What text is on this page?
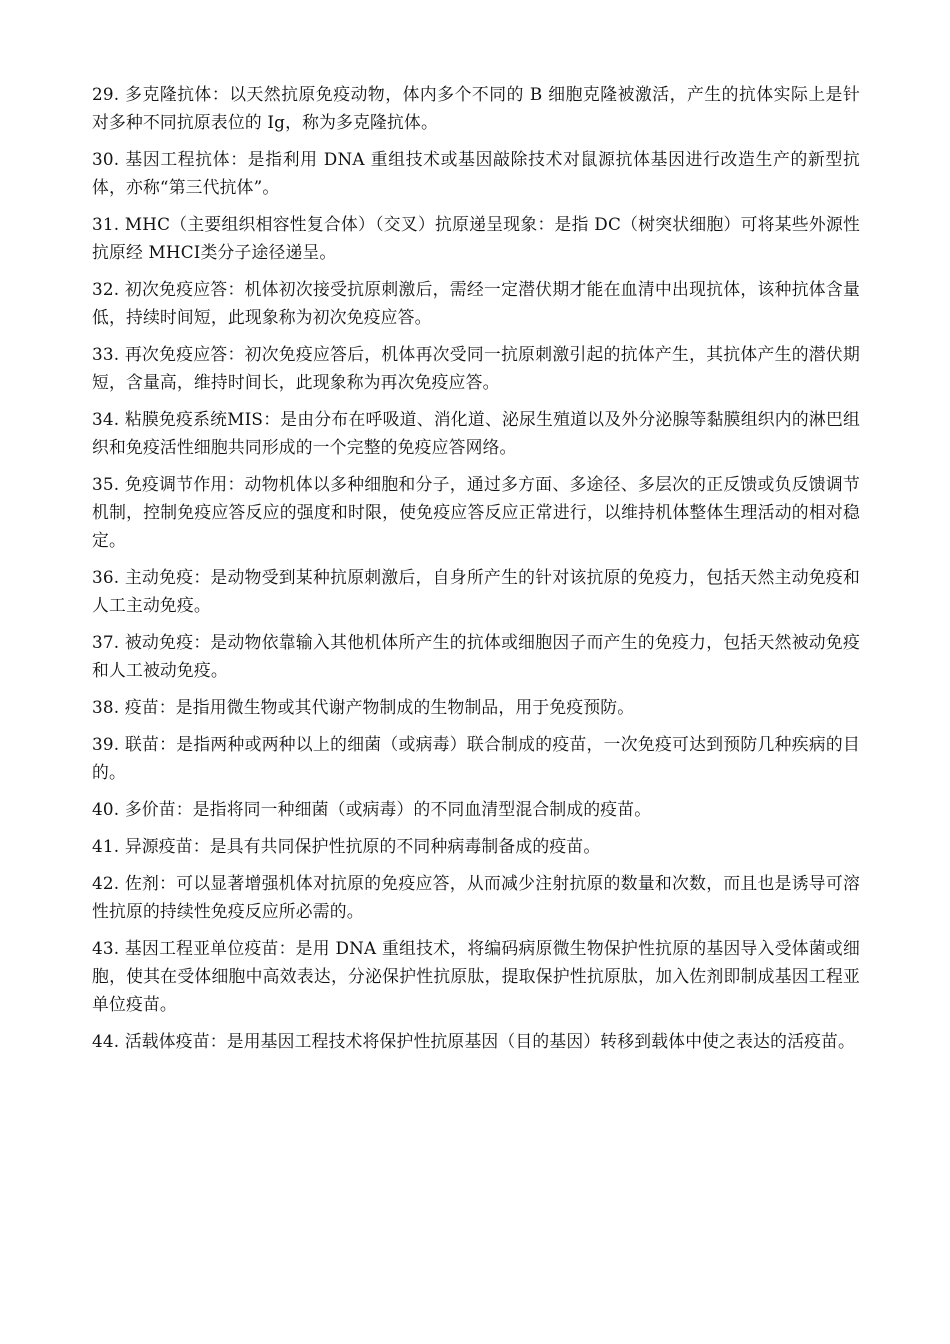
29. 多克隆抗体：以天然抗原免疫动物，体内多个不同的 B 细胞克隆被激活，产生的抗体实际上是针对多种不同抗原表位的 Ig，称为多克隆抗体。

30. 基因工程抗体：是指利用 DNA 重组技术或基因敲除技术对鼠源抗体基因进行改造生产的新型抗体，亦称“第三代抗体”。

31. MHC（主要组织相容性复合体）（交叉）抗原递呈现象：是指 DC（树突状细胞）可将某些外源性抗原经 MHCⅠ类分子途径递呈。

32. 初次免疫应答：机体初次接受抗原刺激后，需经一定潜伏期才能在血清中出现抗体，该种抗体含量低，持续时间短，此现象称为初次免疫应答。

33. 再次免疫应答：初次免疫应答后，机体再次受同一抗原刺激引起的抗体产生，其抗体产生的潜伏期短，含量高，维持时间长，此现象称为再次免疫应答。

34. 粘膜免疫系统MIS：是由分布在呼吸道、消化道、泌尿生殖道以及外分泌腺等黏膜组织内的淋巴组织和免疫活性细胞共同形成的一个完整的免疫应答网络。

35. 免疫调节作用：动物机体以多种细胞和分子，通过多方面、多途径、多层次的正反馈或负反馈调节机制，控制免疫应答反应的强度和时限，使免疫应答反应正常进行，以维持机体整体生理活动的相对稳定。

36. 主动免疫：是动物受到某种抗原刺激后，自身所产生的针对该抗原的免疫力，包括天然主动免疫和人工主动免疫。

37. 被动免疫：是动物依靠输入其他机体所产生的抗体或细胞因子而产生的免疫力，包括天然被动免疫和人工被动免疫。

38. 疫苗：是指用微生物或其代谢产物制成的生物制品，用于免疫预防。

39. 联苗：是指两种或两种以上的细菌（或病毒）联合制成的疫苗，一次免疫可达到预防几种疾病的目的。

40. 多价苗：是指将同一种细菌（或病毒）的不同血清型混合制成的疫苗。

41. 异源疫苗：是具有共同保护性抗原的不同种病毒制备成的疫苗。

42. 佐剂：可以显著增强机体对抗原的免疫应答，从而减少注射抗原的数量和次数，而且也是诱导可溶性抗原的持续性免疫反应所必需的。

43. 基因工程亚单位疫苗：是用 DNA 重组技术，将编码病原微生物保护性抗原的基因导入受体菌或细胞，使其在受体细胞中高效表达，分泌保护性抗原肽，提取保护性抗原肽，加入佐剂即制成基因工程亚单位疫苗。

44. 活载体疫苗：是用基因工程技术将保护性抗原基因（目的基因）转移到载体中使之表达的活疫苗。
